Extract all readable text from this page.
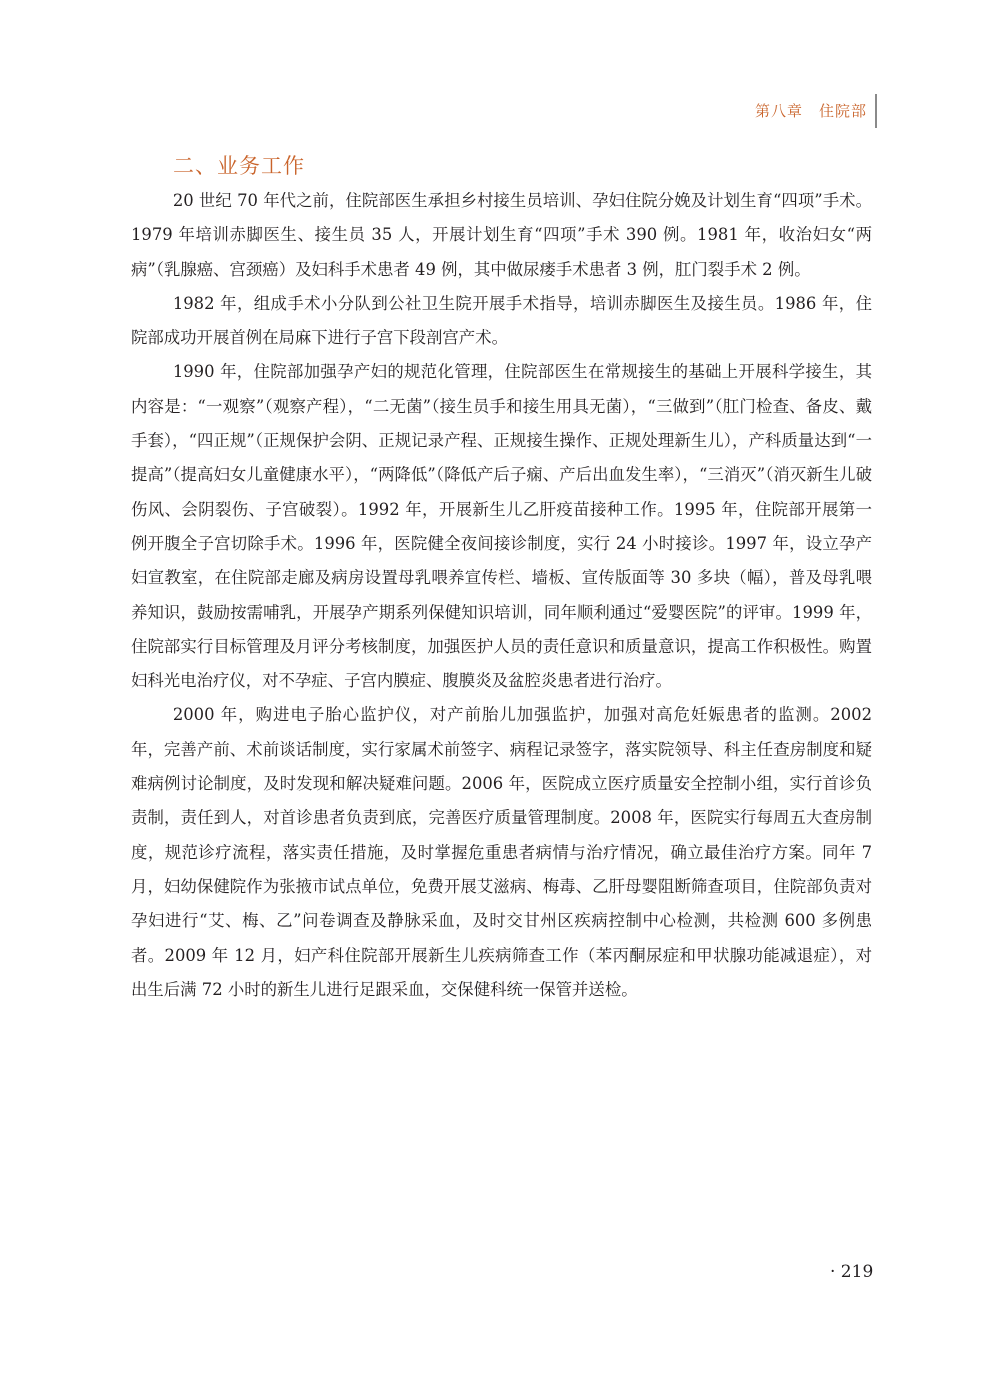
第八章　住院部
二、业务工作

20 世纪 70 年代之前，住院部医生承担乡村接生员培训、孕妇住院分娩及计划生育“四项”手术。1979 年培训赤脚医生、接生员 35 人，开展计划生育“四项”手术 390 例。1981 年，收治妇女“两病”（乳腺癌、宫颈癌）及妇科手术患者 49 例，其中做尿瘘手术患者 3 例，肛门裂手术 2 例。

1982 年，组成手术小分队到公社卫生院开展手术指导，培训赤脚医生及接生员。1986 年，住院部成功开展首例在局麻下进行子宫下段剖宫产术。

1990 年，住院部加强孕产妇的规范化管理，住院部医生在常规接生的基础上开展科学接生，其内容是：“一观察”（观察产程），“二无菌”（接生员手和接生用具无菌），“三做到”（肛门检查、备皮、戴手套），“四正规”（正规保护会阴、正规记录产程、正规接生操作、正规处理新生儿），产科质量达到“一提高”（提高妇女儿童健康水平），“两降低”（降低产后子痫、产后出血发生率），“三消灭”（消灭新生儿破伤风、会阴裂伤、子宫破裂）。1992 年，开展新生儿乙肝疫苗接种工作。1995 年，住院部开展第一例开腹全子宫切除手术。1996 年，医院健全夜间接诊制度，实行 24 小时接诊。1997 年，设立孕产妇宣教室，在住院部走廊及病房设置母乳喂养宣传栏、墙板、宣传版面等 30 多块（幅），普及母乳喂养知识，鼓励按需哺乳，开展孕产期系列保健知识培训，同年顺利通过“爱婴医院”的评审。1999 年，住院部实行目标管理及月评分考核制度，加强医护人员的责任意识和质量意识，提高工作积极性。购置妇科光电治疗仪，对不孕症、子宫内膜症、腹膜炎及盆腔炎患者进行治疗。

2000 年，购进电子胎心监护仪，对产前胎儿加强监护，加强对高危妊娠患者的监测。2002 年，完善产前、术前谈话制度，实行家属术前签字、病程记录签字，落实院领导、科主任查房制度和疑难病例讨论制度，及时发现和解决疑难问题。2006 年，医院成立医疗质量安全控制小组，实行首诊负责制，责任到人，对首诊患者负责到底，完善医疗质量管理制度。2008 年，医院实行每周五大查房制度，规范诊疗流程，落实责任措施，及时掌握危重患者病情与治疗情况，确立最佳治疗方案。同年 7 月，妇幼保健院作为张掖市试点单位，免费开展艾滋病、梅毒、乙肝母婴阻断筛查项目，住院部负责对孕妇进行“艾、梅、乙”问卷调查及静脉采血，及时交甘州区疾病控制中心检测，共检测 600 多例患者。2009 年 12 月，妇产科住院部开展新生儿疾病筛查工作（苯丙酮尿症和甲状腺功能减退症），对出生后满 72 小时的新生儿进行足跟采血，交保健科统一保管并送检。

· 219
